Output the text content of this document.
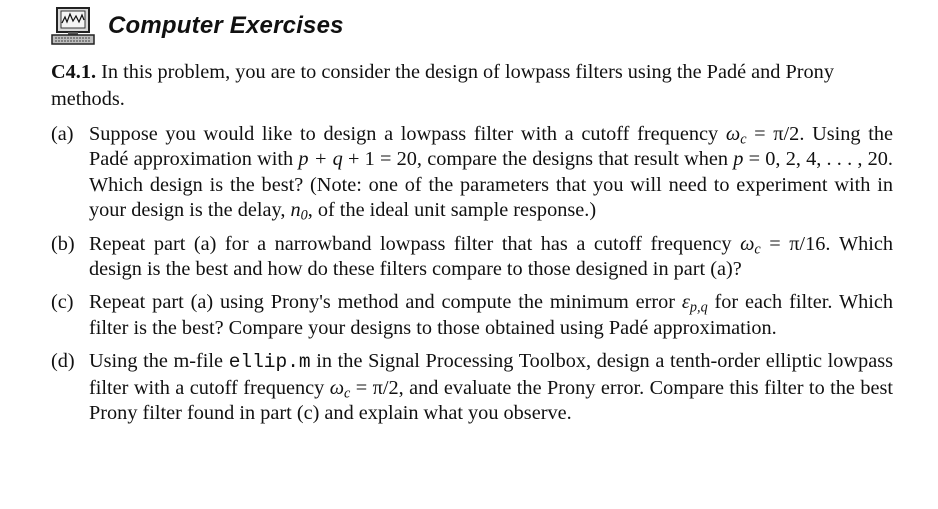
Computer Exercises
C4.1. In this problem, you are to consider the design of lowpass filters using the Padé and Prony methods.
(a) Suppose you would like to design a lowpass filter with a cutoff frequency $\omega_c = \pi/2$. Using the Padé approximation with p + q + 1 = 20, compare the designs that result when p = 0, 2, 4, . . . , 20. Which design is the best? (Note: one of the parameters that you will need to experiment with in your design is the delay, $n_0$, of the ideal unit sample response.)
(b) Repeat part (a) for a narrowband lowpass filter that has a cutoff frequency $\omega_c = \pi/16$. Which design is the best and how do these filters compare to those designed in part (a)?
(c) Repeat part (a) using Prony's method and compute the minimum error $\varepsilon_{p,q}$ for each filter. Which filter is the best? Compare your designs to those obtained using Padé approximation.
(d) Using the m-file ellip.m in the Signal Processing Toolbox, design a tenth-order elliptic lowpass filter with a cutoff frequency $\omega_c = \pi/2$, and evaluate the Prony error. Compare this filter to the best Prony filter found in part (c) and explain what you observe.
